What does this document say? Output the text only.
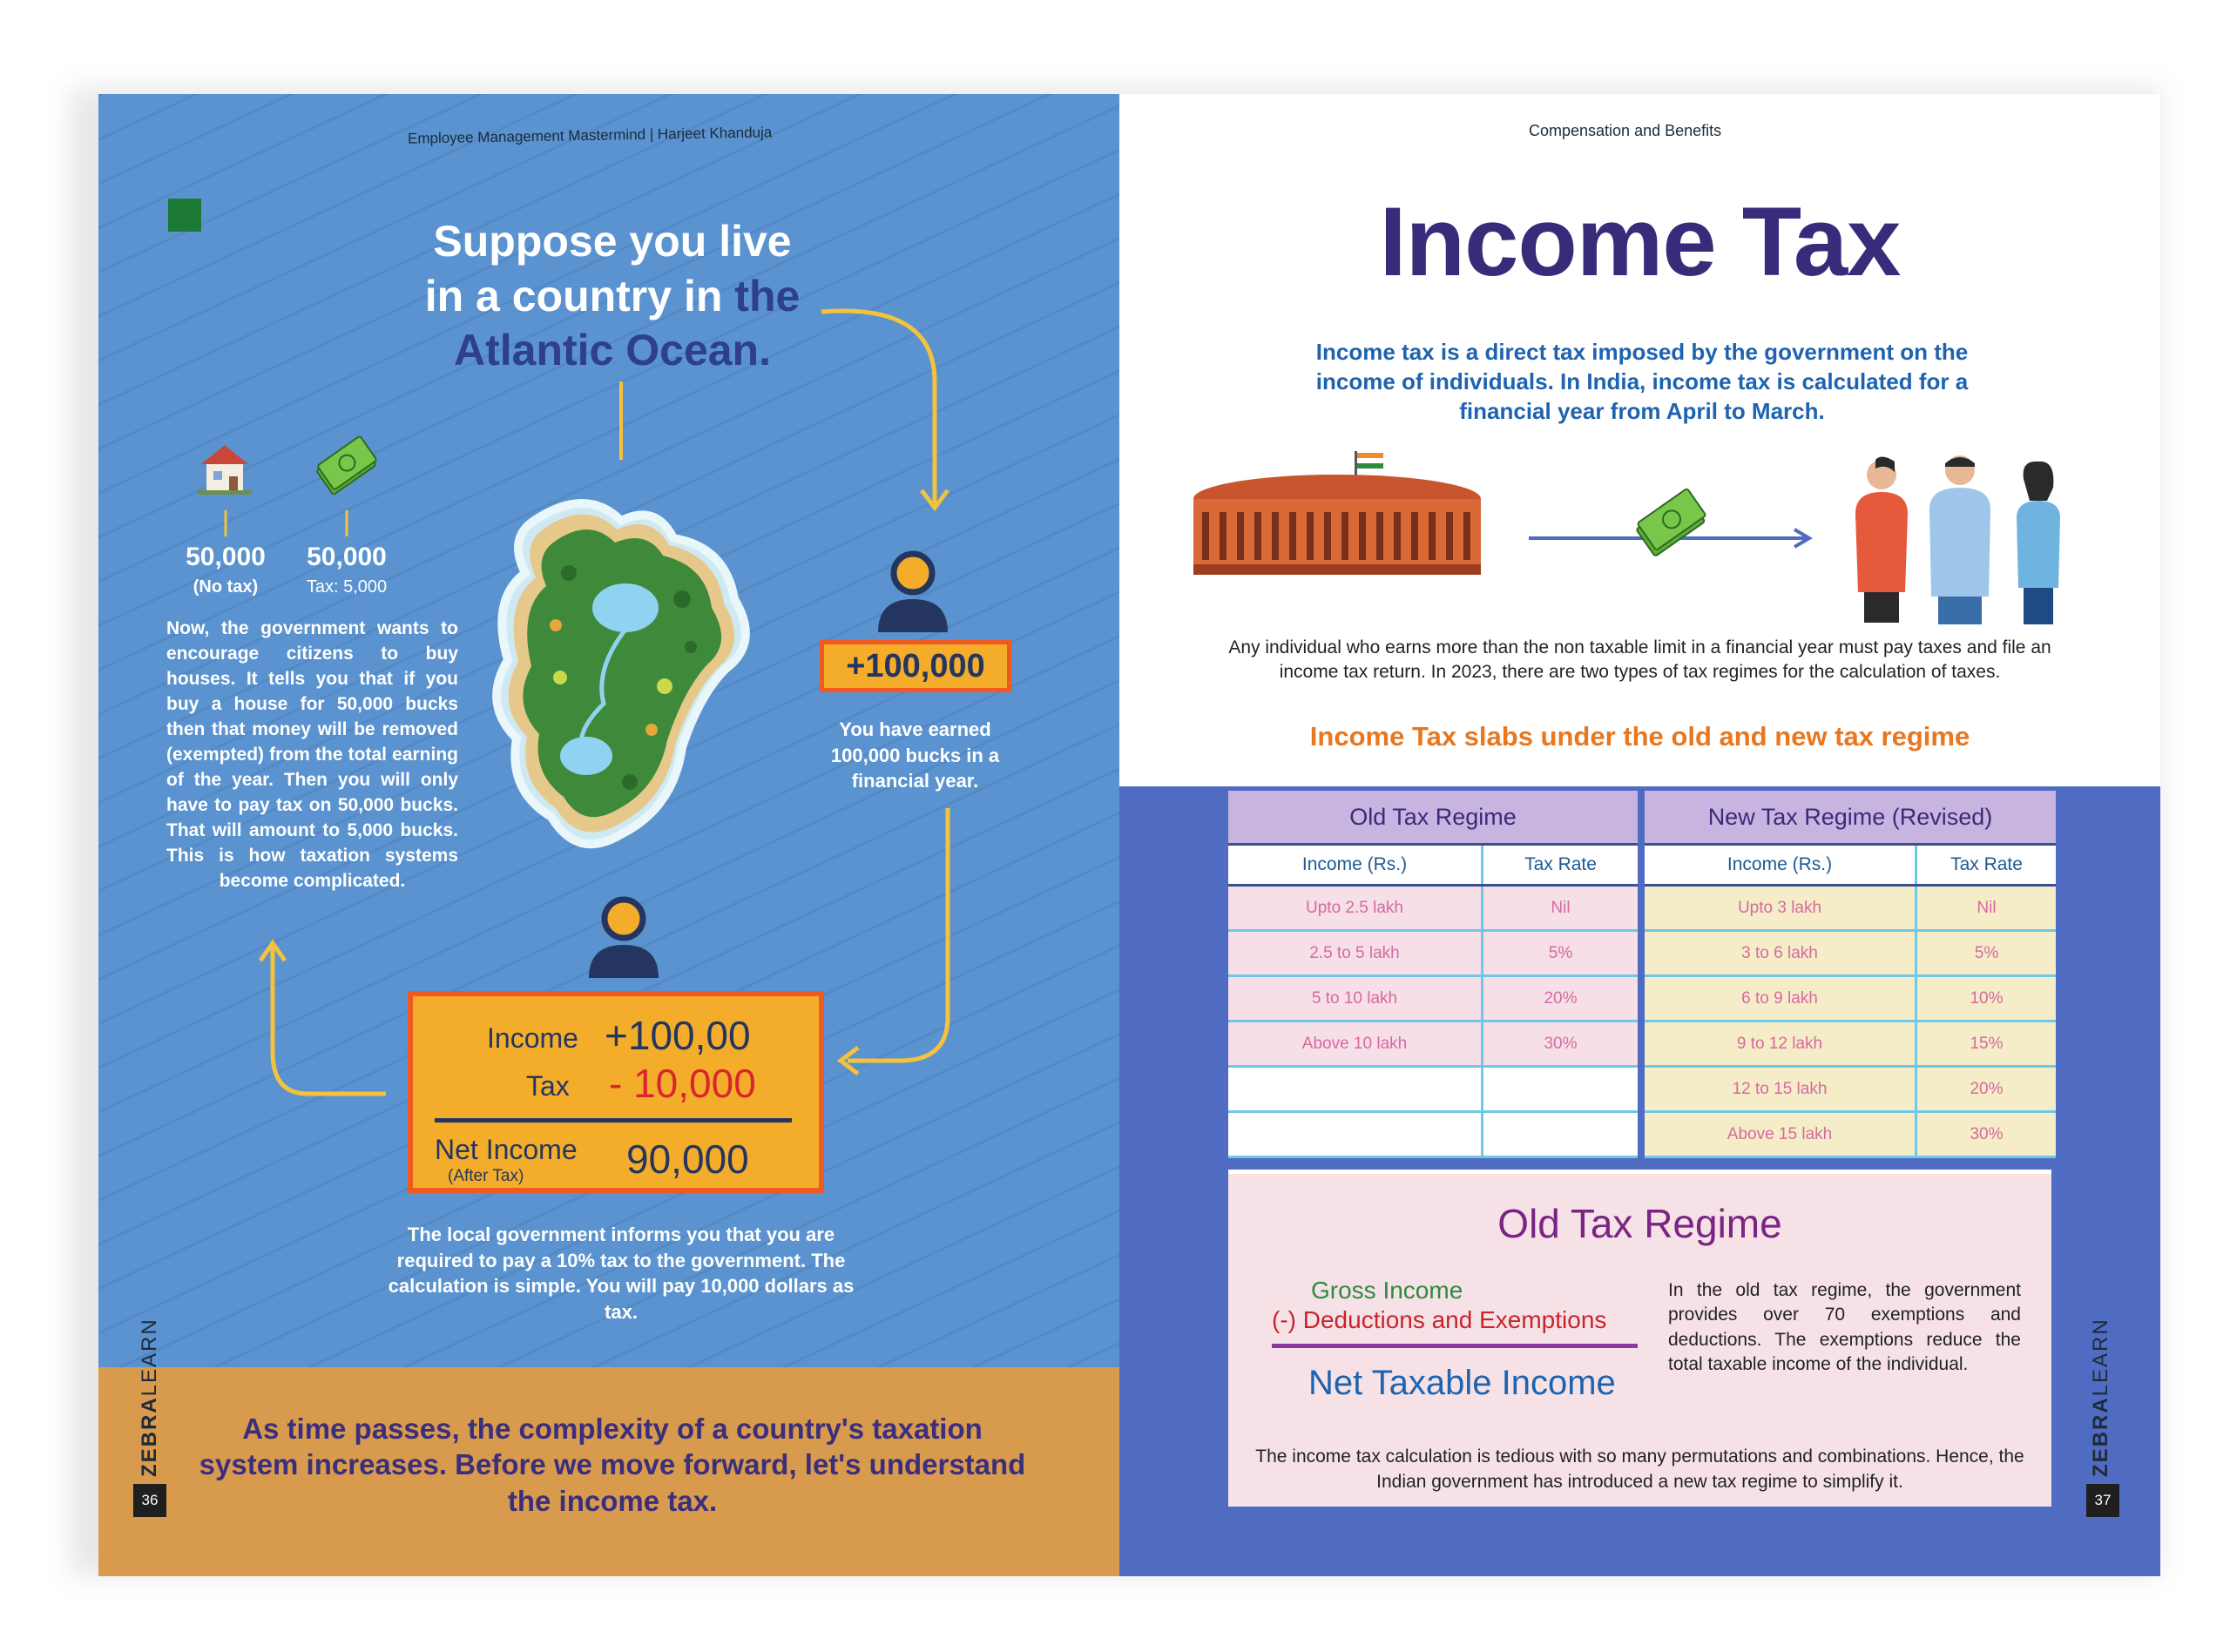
Employee Management Mastermind | Harjeet Khanduja
Suppose you live
in a country in the
Atlantic Ocean.
50,000
(No tax)
50,000
Tax: 5,000
Now, the government wants to encourage citizens to buy houses. It tells you that if you buy a house for 50,000 bucks then that money will be removed (exempted) from the total earning of the year. Then you will only have to pay tax on 50,000 bucks. That will amount to 5,000 bucks. This is how taxation systems become complicated.
+100,000
You have earned 100,000 bucks in a financial year.
Income +100,00
Tax - 10,000
Net Income
(After Tax)	90,000
The local government informs you that you are required to pay a 10% tax to the government. The calculation is simple. You will pay 10,000 dollars as tax.

As time passes, the complexity of a country's taxation system increases. Before we move forward, let's understand the income tax.

ZEBRALEARN
36
Compensation and Benefits
Income Tax
Income tax is a direct tax imposed by the government on the income of individuals. In India, income tax is calculated for a financial year from April to March.
Any individual who earns more than the non taxable limit in a financial year must pay taxes and file an income tax return. In 2023, there are two types of tax regimes for the calculation of taxes.
Income Tax slabs under the old and new tax regime
Old Tax Regime
Income (Rs.)	Tax Rate
Upto 2.5 lakh	Nil
2.5 to 5 lakh	5%
5 to 10 lakh	20%
Above 10 lakh	30%
New Tax Regime (Revised)
Income (Rs.)	Tax Rate
Upto 3 lakh	Nil
3 to 6 lakh	5%
6 to 9 lakh	10%
9 to 12 lakh	15%
12 to 15 lakh	20%
Above 15 lakh	30%
Old Tax Regime
Gross Income
(-) Deductions and Exemptions
Net Taxable Income
In the old tax regime, the government provides over 70 exemptions and deductions. The exemptions reduce the total taxable income of the individual.
The income tax calculation is tedious with so many permutations and combinations. Hence, the Indian government has introduced a new tax regime to simplify it.
ZEBRALEARN
37
